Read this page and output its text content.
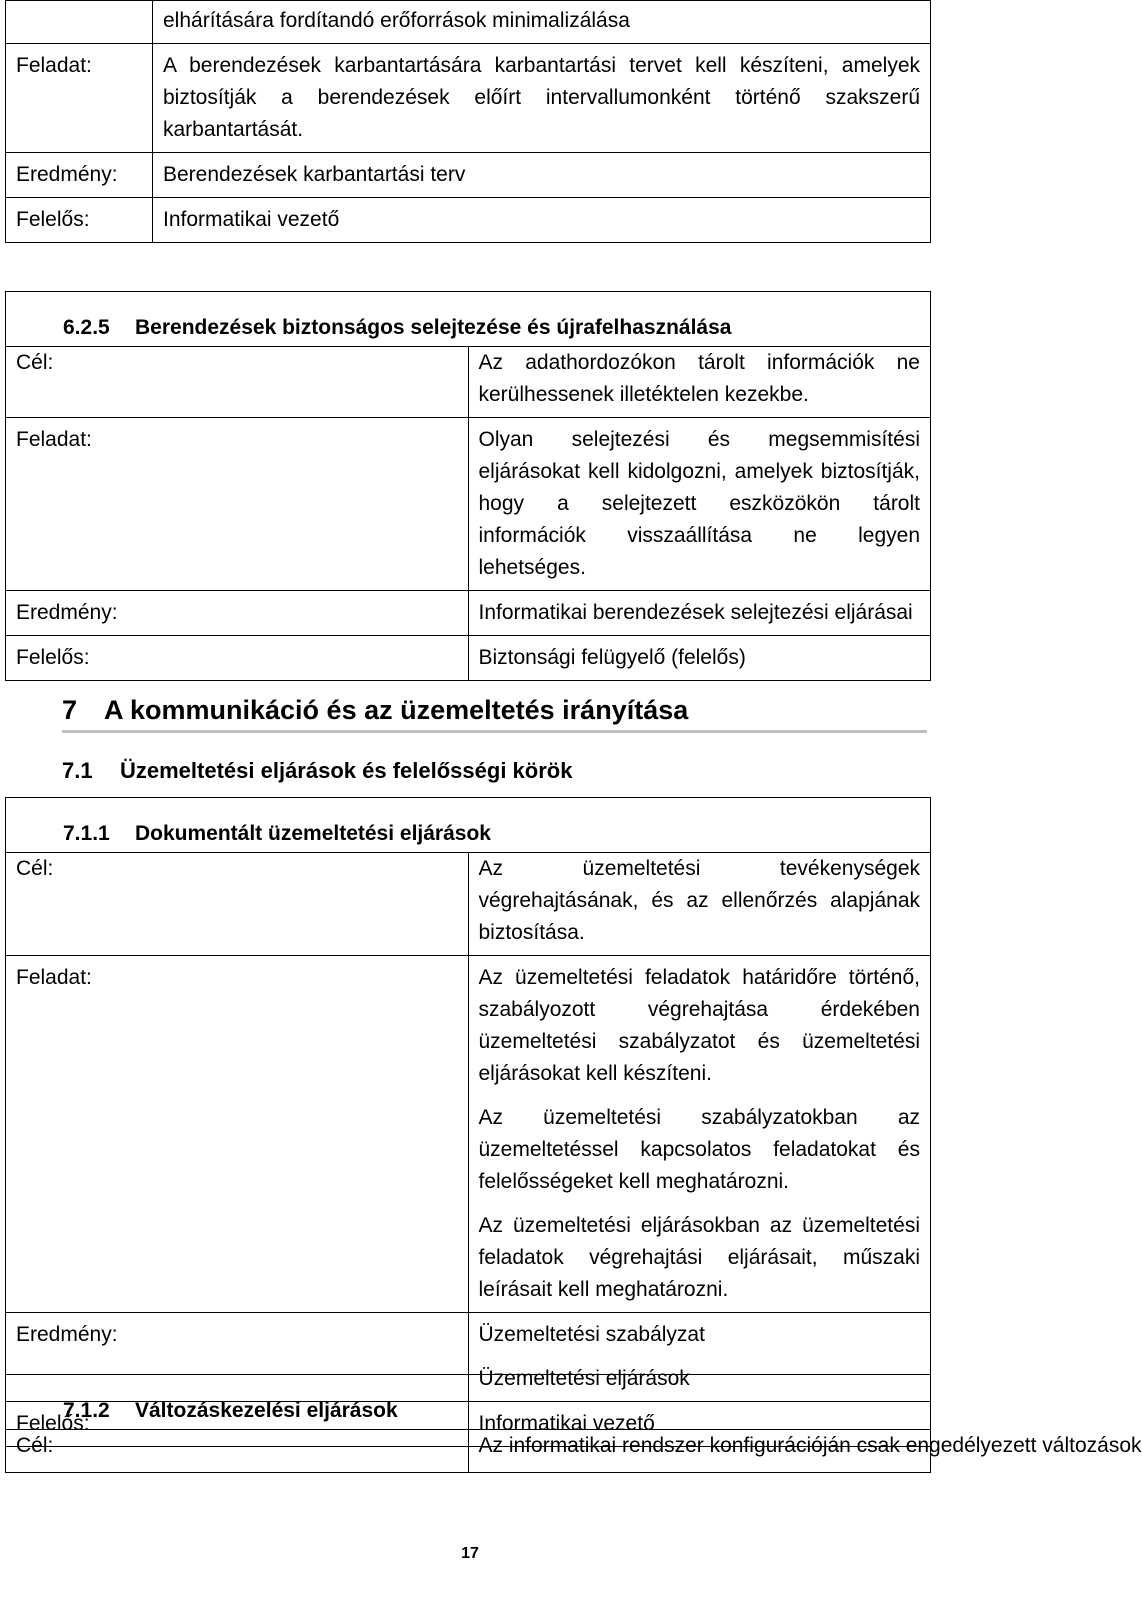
	elhárítására fordítandó erőforrások minimalizálása
Feladat:	A berendezések karbantartására karbantartási tervet kell készíteni, amelyek biztosítják a berendezések előírt intervallumonként történő szakszerű karbantartását.
Eredmény:	Berendezések karbantartási terv
Felelős:	Informatikai vezető
6.2.5 Berendezések biztonságos selejtezése és újrafelhasználása	

Cél:	Az adathordozókon tárolt információk ne kerülhessenek illetéktelen kezekbe.
Feladat:	Olyan selejtezési és megsemmisítési eljárásokat kell kidolgozni, amelyek biztosítják, hogy a selejtezett eszközökön tárolt információk visszaállítása ne legyen lehetséges.
Eredmény:	Informatikai berendezések selejtezési eljárásai
Felelős:	Biztonsági felügyelő (felelős)
7 A kommunikáció és az üzemeltetés irányítása
7.1 Üzemeltetési eljárások és felelősségi körök
7.1.1 Dokumentált üzemeltetési eljárások	

Cél:	Az üzemeltetési tevékenységek végrehajtásának, és az ellenőrzés alapjának biztosítása.
Feladat:	Az üzemeltetési feladatok határidőre történő, szabályozott végrehajtása érdekében üzemeltetési szabályzatot és üzemeltetési eljárásokat kell készíteni.

Az üzemeltetési szabályzatokban az üzemeltetéssel kapcsolatos feladatokat és felelősségeket kell meghatározni.

Az üzemeltetési eljárásokban az üzemeltetési feladatok végrehajtási eljárásait, műszaki leírásait kell meghatározni.

Eredmény:	Üzemeltetési szabályzat

Üzemeltetési eljárások

Felelős:	Informatikai vezető
7.1.2 Változáskezelési eljárások

Cél:	Az informatikai rendszer konfigurációján csak engedélyezett változások
17
